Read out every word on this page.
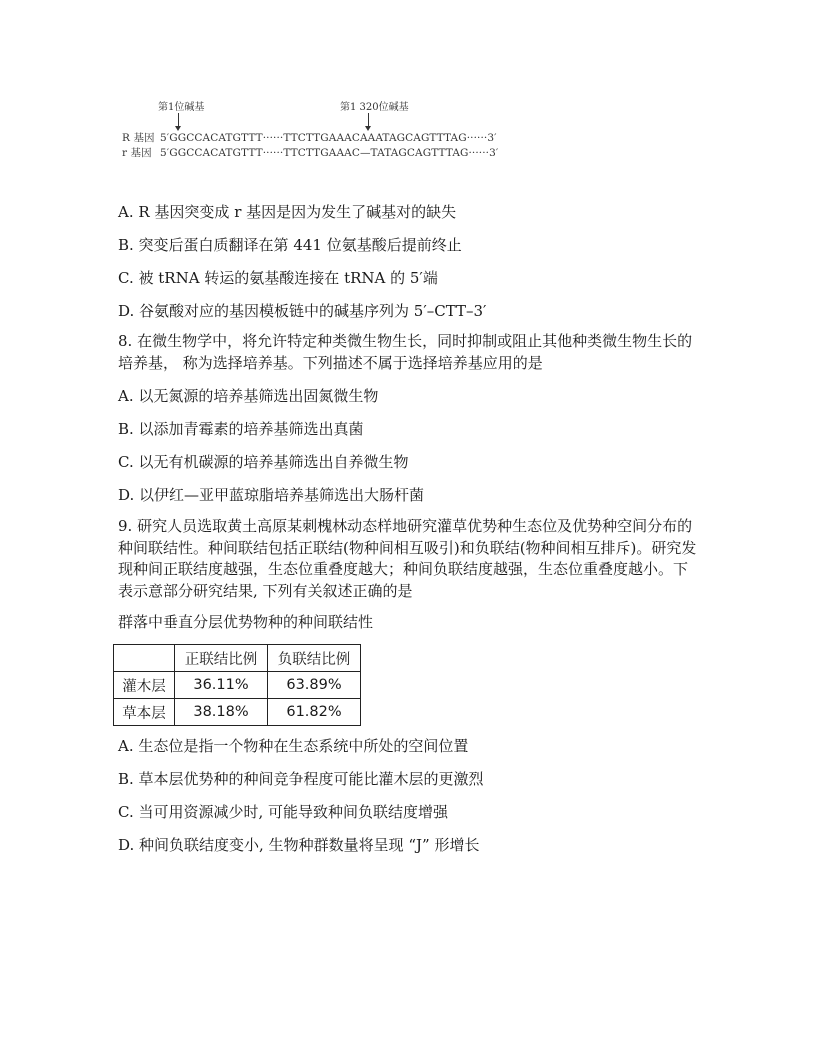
第1位碱基	第1 320位碱基
R 基因 5′GGCCACATGTTT······TTCTTGAAACAAATAGCAGTTTAG······3′
r 基因 5′GGCCACATGTTT······TTCTTGAAAC—TATAGCAGTTTAG······3′
A. R 基因突变成 r 基因是因为发生了碱基对的缺失
B. 突变后蛋白质翻译在第 441 位氨基酸后提前终止
C. 被 tRNA 转运的氨基酸连接在 tRNA 的 5′端
D. 谷氨酸对应的基因模板链中的碱基序列为 5′–CTT–3′
8. 在微生物学中，将允许特定种类微生物生长，同时抑制或阻止其他种类微生物生长的培养基， 称为选择培养基。下列描述不属于选择培养基应用的是
A. 以无氮源的培养基筛选出固氮微生物
B. 以添加青霉素的培养基筛选出真菌
C. 以无有机碳源的培养基筛选出自养微生物
D. 以伊红—亚甲蓝琼脂培养基筛选出大肠杆菌
9. 研究人员选取黄土高原某刺槐林动态样地研究灌草优势种生态位及优势种空间分布的种间联结性。种间联结包括正联结(物种间相互吸引)和负联结(物种间相互排斥)。研究发现种间正联结度越强，生态位重叠度越大；种间负联结度越强，生态位重叠度越小。下表示意部分研究结果, 下列有关叙述正确的是
群落中垂直分层优势物种的种间联结性
	正联结比例	负联结比例
灌木层	36.11%	63.89%
草本层	38.18%	61.82%
A. 生态位是指一个物种在生态系统中所处的空间位置
B. 草本层优势种的种间竞争程度可能比灌木层的更激烈
C. 当可用资源减少时, 可能导致种间负联结度增强
D. 种间负联结度变小, 生物种群数量将呈现 “J” 形增长
